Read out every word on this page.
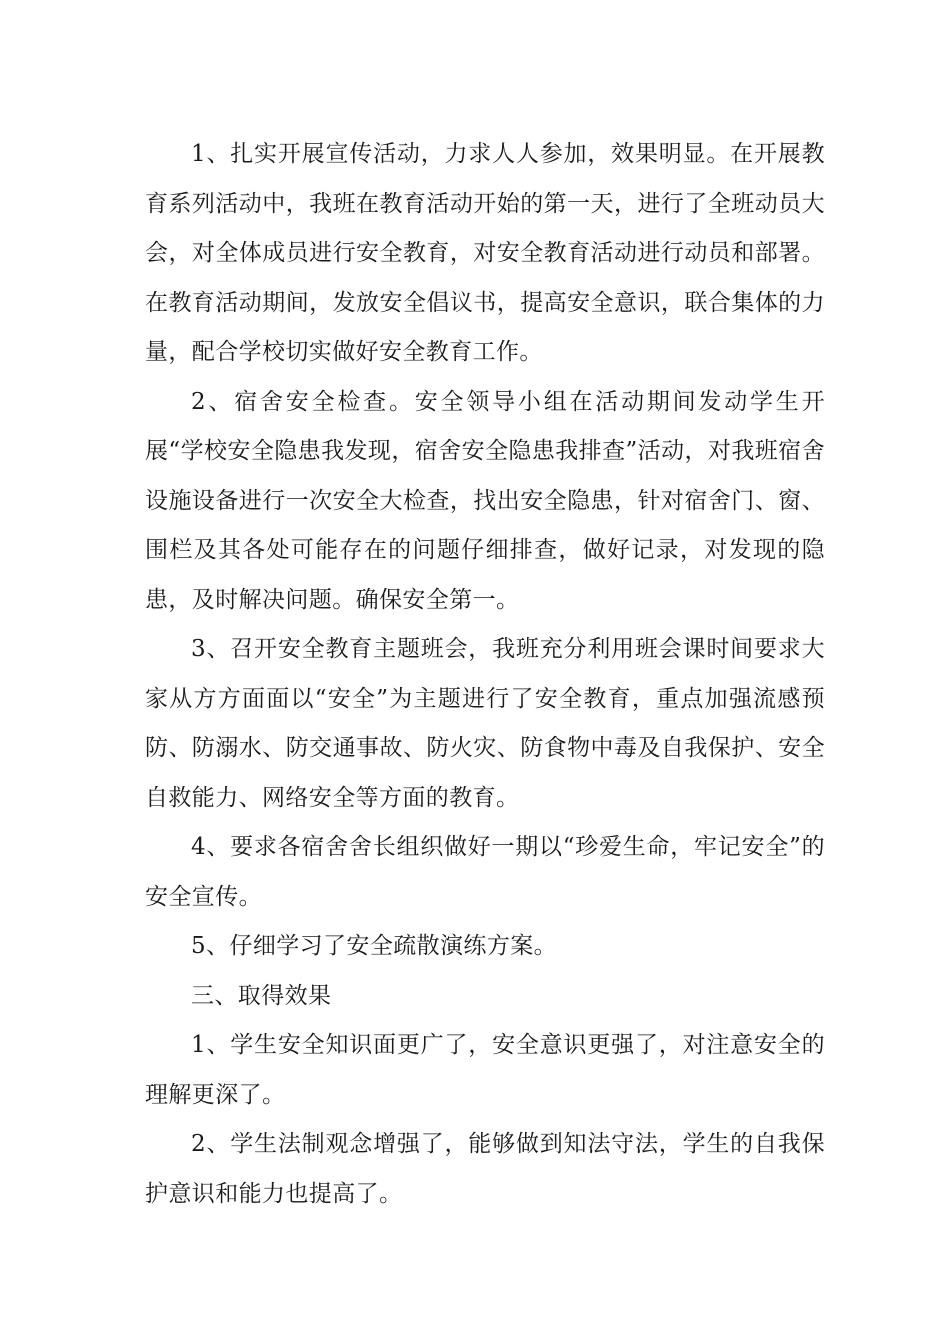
1、扎实开展宣传活动，力求人人参加，效果明显。在开展教育系列活动中，我班在教育活动开始的第一天，进行了全班动员大会，对全体成员进行安全教育，对安全教育活动进行动员和部署。在教育活动期间，发放安全倡议书，提高安全意识，联合集体的力量，配合学校切实做好安全教育工作。

2、宿舍安全检查。安全领导小组在活动期间发动学生开展“学校安全隐患我发现，宿舍安全隐患我排查”活动，对我班宿舍设施设备进行一次安全大检查，找出安全隐患，针对宿舍门、窗、围栏及其各处可能存在的问题仔细排查，做好记录，对发现的隐患，及时解决问题。确保安全第一。

3、召开安全教育主题班会，我班充分利用班会课时间要求大家从方方面面以“安全”为主题进行了安全教育，重点加强流感预防、防溺水、防交通事故、防火灾、防食物中毒及自我保护、安全自救能力、网络安全等方面的教育。

4、要求各宿舍舍长组织做好一期以“珍爱生命，牢记安全”的安全宣传。

5、仔细学习了安全疏散演练方案。

三、取得效果

1、学生安全知识面更广了，安全意识更强了，对注意安全的理解更深了。

2、学生法制观念增强了，能够做到知法守法，学生的自我保护意识和能力也提高了。
